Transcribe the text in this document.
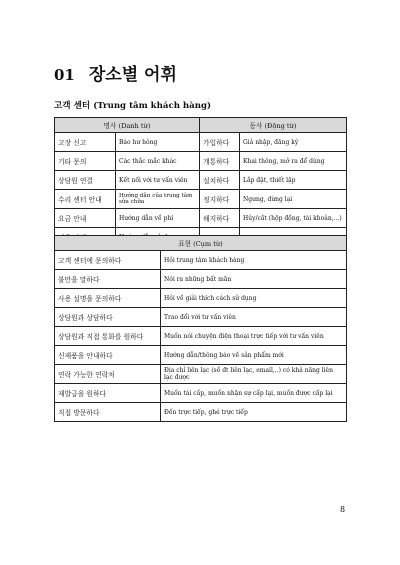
01 장소별 어휘
고객 센터 (Trung tâm khách hàng)
명사 (Danh từ)		동사 (Động từ)	
고장 신고	Báo hư hỏng	가입하다	Giả nhập, đăng ký
기타 문의	Các thắc mắc khác	개통하다	Khai thông, mở ra để dùng
상담원 연결	Kết nối với tư vấn viên	설치하다	Lắp đặt, thiết lập
수리 센터 안내	Hướng dẫn của trung tâm sửa chữa	정지하다	Ngưng, dừng lại
요금 안내	Hướng dẫn về phí	해지하다	Hủy/cắt (hộp đồng, tài khoản,...)

표현 (Cụm từ)	
고객 센터에 문의하다	Hỏi trung tâm khách hàng
불만을 말하다	Nói ra những bất mãn
사용 설명을 문의하다	Hỏi về giải thích cách sử dụng
상담원과 상담하다	Trao đổi với tư vấn viên
상담원과 직접 통화를 원하다	Muốn nói chuyện điện thoại trực tiếp với tư vấn viên
신제품을 안내하다	Hướng dẫn/thông báo về sản phẩm mới
연락 가능한 연락처	Địa chỉ liên lạc (số đt liên lạc, email,..) có khả năng liên lạc được
재발급을 원하다	Muốn tái cấp, muốn nhận sự cấp lại, muốn được cấp lại
직접 방문하다	Đến trực tiếp, ghé trực tiếp
8
